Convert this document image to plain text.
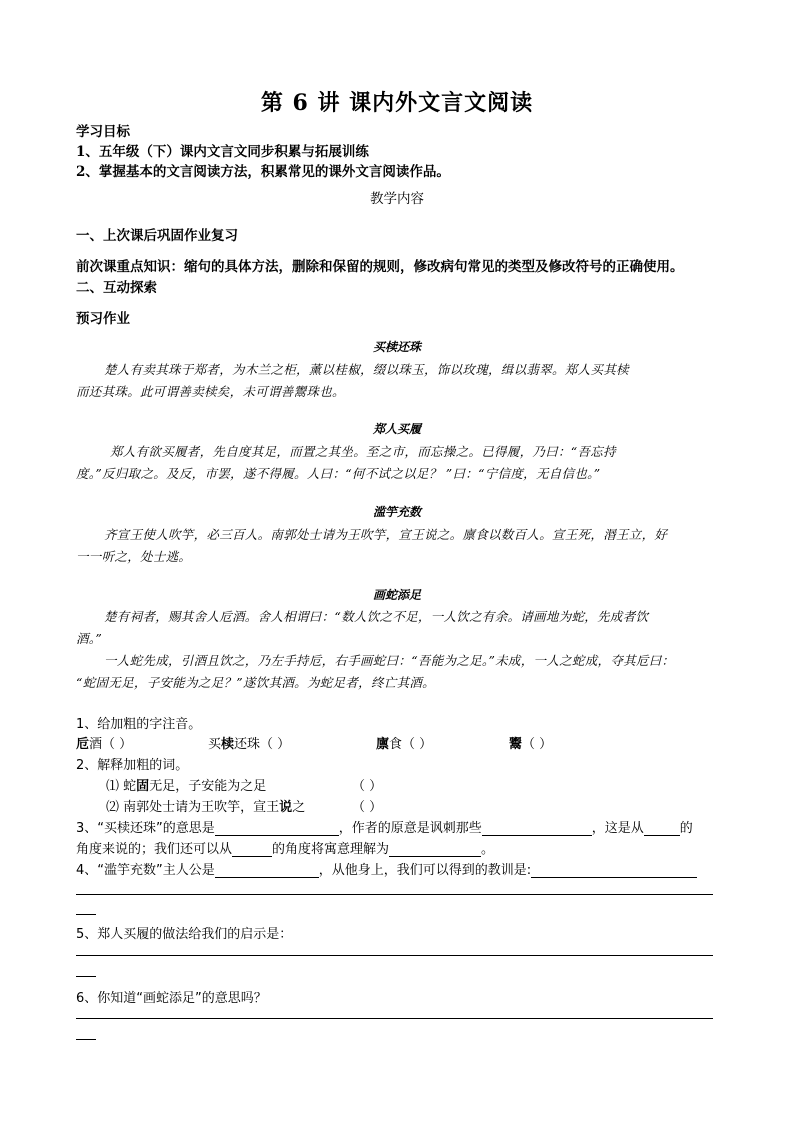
第 6 讲 课内外文言文阅读
学习目标
1、五年级（下）课内文言文同步积累与拓展训练
2、掌握基本的文言阅读方法，积累常见的课外文言阅读作品。
教学内容
一、上次课后巩固作业复习
前次课重点知识：缩句的具体方法，删除和保留的规则，修改病句常见的类型及修改符号的正确使用。
二、互动探索
预习作业
买椟还珠
楚人有卖其珠于郑者，为木兰之柜，薰以桂椒，缀以珠玉，饰以玫瑰，缉以翡翠。郑人买其椟
而还其珠。此可谓善卖椟矣，未可谓善鬻珠也。
郑人买履
郑人有欲买履者，先自度其足，而置之其坐。至之市，而忘操之。已得履，乃曰：“吾忘持
度。”反归取之。及反，市罢，遂不得履。人曰：“何不试之以足？ ”曰：“宁信度，无自信也。”
滥竽充数
齐宣王使人吹竽，必三百人。南郭处士请为王吹竽，宣王说之。廪食以数百人。宣王死，湣王立，好
一一听之，处士逃。
画蛇添足
楚有祠者，赐其舍人卮酒。舍人相谓曰：“数人饮之不足，一人饮之有余。请画地为蛇，先成者饮
酒。”
一人蛇先成，引酒且饮之，乃左手持卮，右手画蛇曰：“吾能为之足。”未成，一人之蛇成，夺其卮曰：
“蛇固无足，子安能为之足？”遂饮其酒。为蛇足者，终亡其酒。
1、给加粗的字注音。
卮酒（ ）	买椟还珠（ ）	廪食（ ）	鬻（ ）
2、解释加粗的词。
⑴ 蛇固无足，子安能为之足	（ ）
⑵ 南郭处士请为王吹竽，宣王说之	（ ）
3、“买椟还珠”的意思是	，作者的原意是讽刺那些	，这是从	的
角度来说的；我们还可以从	的角度将寓意理解为	。
4、“滥竽充数”主人公是	，从他身上，我们可以得到的教训是:
5、郑人买履的做法给我们的启示是：
6、你知道“画蛇添足”的意思吗？
